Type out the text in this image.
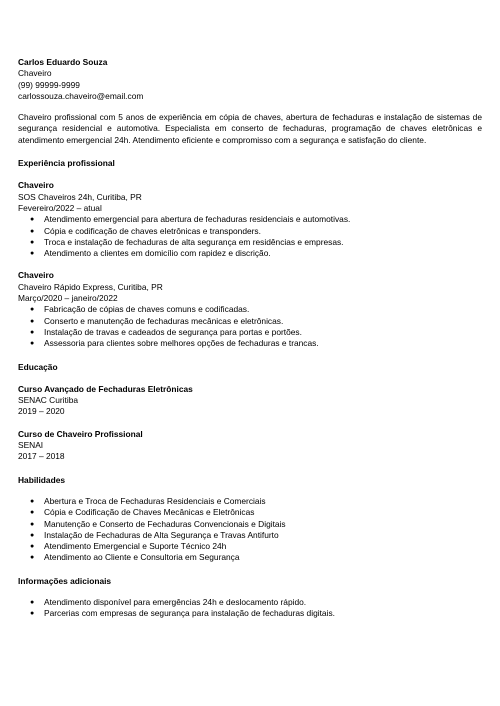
Carlos Eduardo Souza
Chaveiro
(99) 99999-9999
carlossouza.chaveiro@email.com
Chaveiro profissional com 5 anos de experiência em cópia de chaves, abertura de fechaduras e instalação de sistemas de segurança residencial e automotiva. Especialista em conserto de fechaduras, programação de chaves eletrônicas e atendimento emergencial 24h. Atendimento eficiente e compromisso com a segurança e satisfação do cliente.
Experiência profissional
Chaveiro
SOS Chaveiros 24h, Curitiba, PR
Fevereiro/2022 – atual
● Atendimento emergencial para abertura de fechaduras residenciais e automotivas.
● Cópia e codificação de chaves eletrônicas e transponders.
● Troca e instalação de fechaduras de alta segurança em residências e empresas.
● Atendimento a clientes em domicílio com rapidez e discrição.
Chaveiro
Chaveiro Rápido Express, Curitiba, PR
Março/2020 – janeiro/2022
● Fabricação de cópias de chaves comuns e codificadas.
● Conserto e manutenção de fechaduras mecânicas e eletrônicas.
● Instalação de travas e cadeados de segurança para portas e portões.
● Assessoria para clientes sobre melhores opções de fechaduras e trancas.
Educação
Curso Avançado de Fechaduras Eletrônicas
SENAC Curitiba
2019 – 2020
Curso de Chaveiro Profissional
SENAI
2017 – 2018
Habilidades
● Abertura e Troca de Fechaduras Residenciais e Comerciais
● Cópia e Codificação de Chaves Mecânicas e Eletrônicas
● Manutenção e Conserto de Fechaduras Convencionais e Digitais
● Instalação de Fechaduras de Alta Segurança e Travas Antifurto
● Atendimento Emergencial e Suporte Técnico 24h
● Atendimento ao Cliente e Consultoria em Segurança
Informações adicionais
● Atendimento disponível para emergências 24h e deslocamento rápido.
● Parcerias com empresas de segurança para instalação de fechaduras digitais.
